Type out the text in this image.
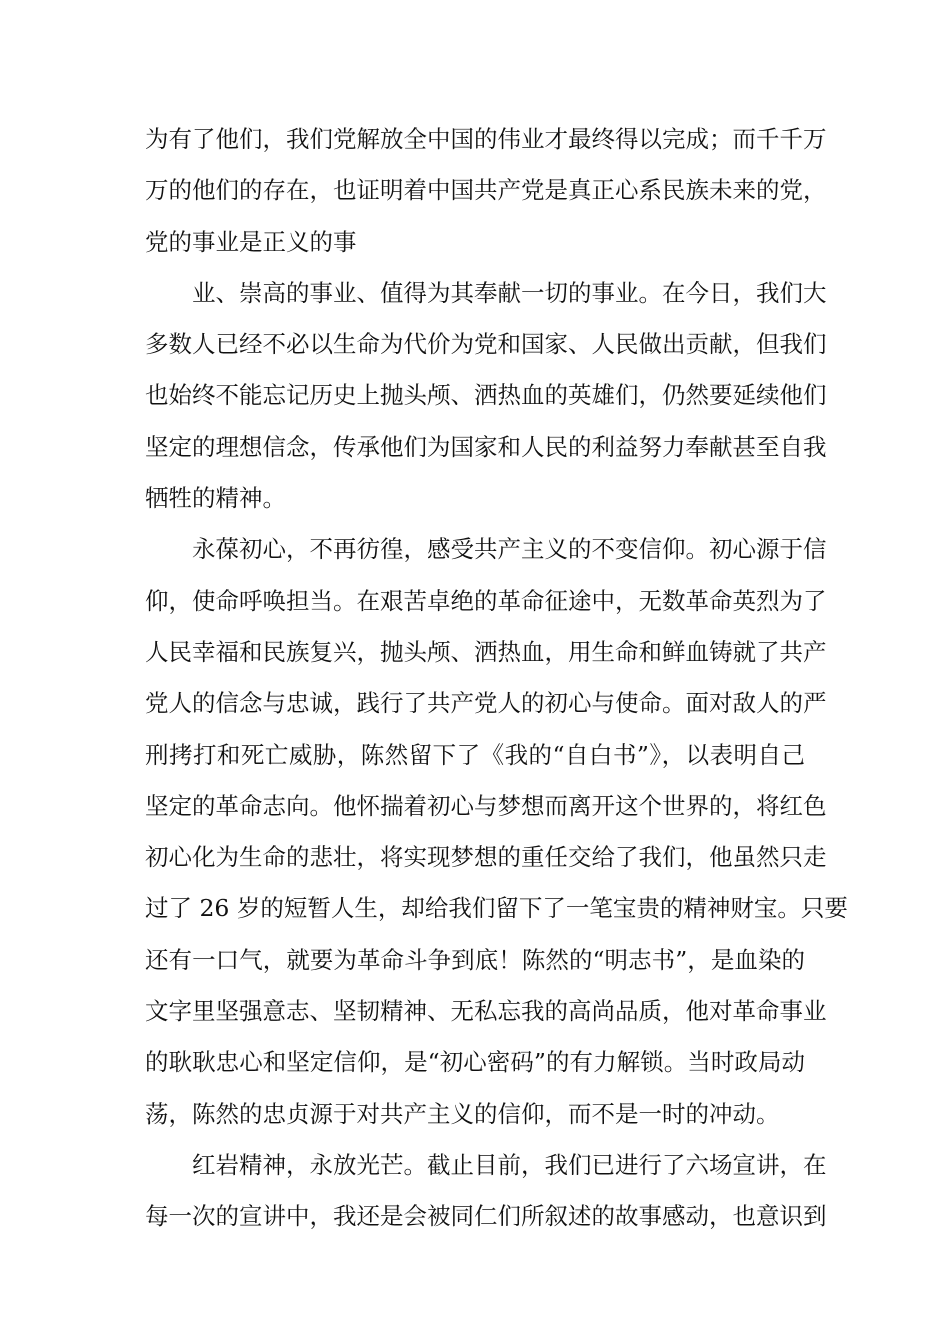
为有了他们，我们党解放全中国的伟业才最终得以完成；而千千万
万的他们的存在，也证明着中国共产党是真正心系民族未来的党，
党的事业是正义的事
业、崇高的事业、值得为其奉献一切的事业。在今日，我们大
多数人已经不必以生命为代价为党和国家、人民做出贡献，但我们
也始终不能忘记历史上抛头颅、洒热血的英雄们，仍然要延续他们
坚定的理想信念，传承他们为国家和人民的利益努力奉献甚至自我
牺牲的精神。
永葆初心，不再彷徨，感受共产主义的不变信仰。初心源于信
仰，使命呼唤担当。在艰苦卓绝的革命征途中，无数革命英烈为了
人民幸福和民族复兴，抛头颅、洒热血，用生命和鲜血铸就了共产
党人的信念与忠诚，践行了共产党人的初心与使命。面对敌人的严
刑拷打和死亡威胁，陈然留下了《我的“自白书”》，以表明自己
坚定的革命志向。他怀揣着初心与梦想而离开这个世界的，将红色
初心化为生命的悲壮，将实现梦想的重任交给了我们，他虽然只走
过了 26 岁的短暂人生，却给我们留下了一笔宝贵的精神财宝。只要
还有一口气，就要为革命斗争到底！陈然的“明志书”，是血染的
文字里坚强意志、坚韧精神、无私忘我的高尚品质，他对革命事业
的耿耿忠心和坚定信仰，是“初心密码”的有力解锁。当时政局动
荡，陈然的忠贞源于对共产主义的信仰，而不是一时的冲动。
红岩精神，永放光芒。截止目前，我们已进行了六场宣讲，在
每一次的宣讲中，我还是会被同仁们所叙述的故事感动，也意识到
